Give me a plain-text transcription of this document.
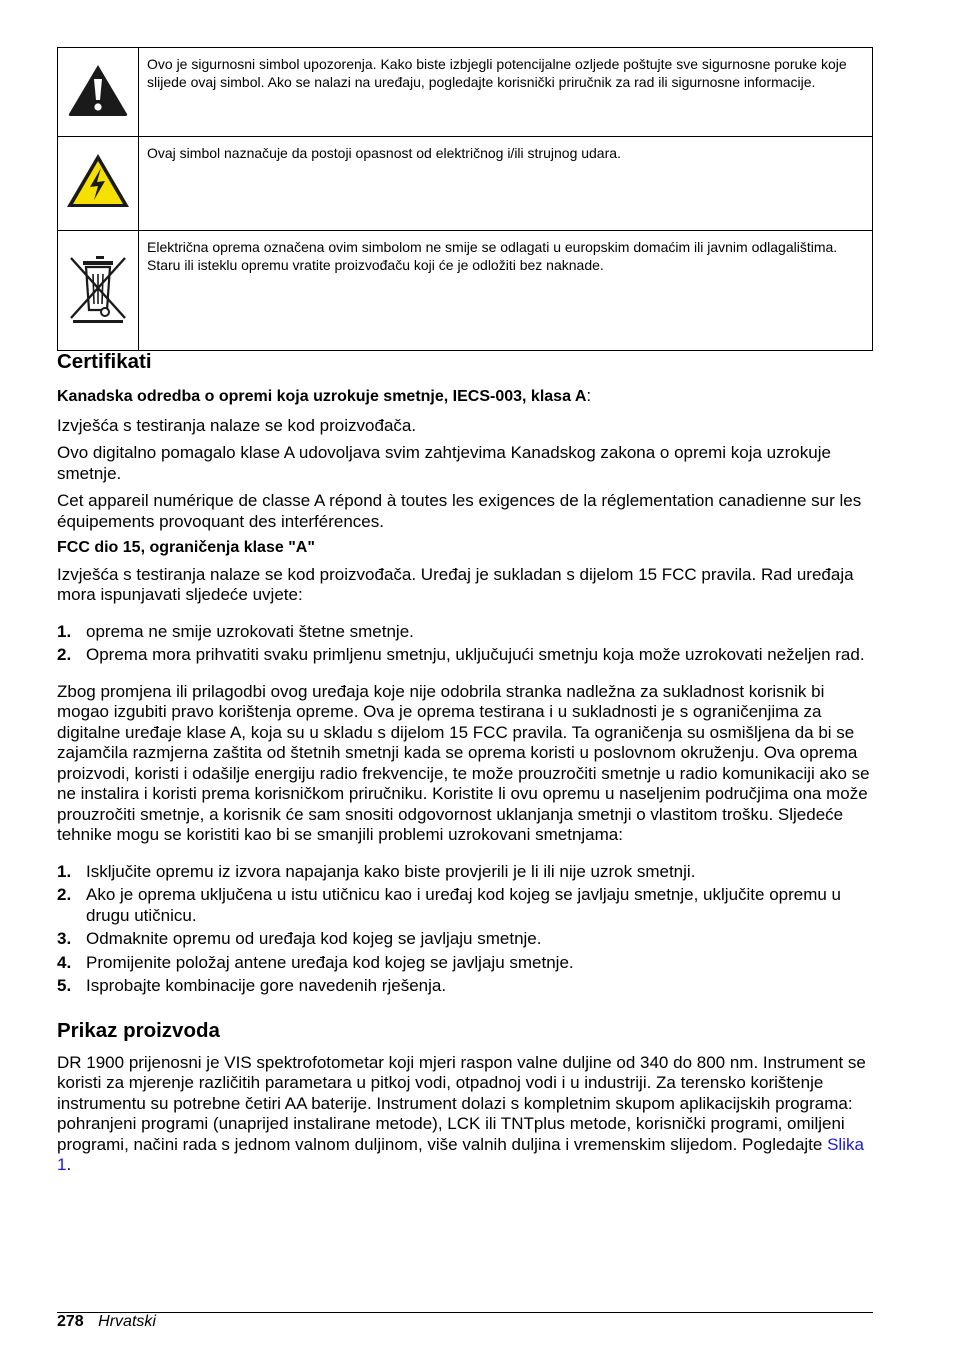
	Ovo je sigurnosni simbol upozorenja. Kako biste izbjegli potencijalne ozljede poštujte sve sigurnosne poruke koje slijede ovaj simbol. Ako se nalazi na uređaju, pogledajte korisnički priručnik za rad ili sigurnosne informacije.
	Ovaj simbol naznačuje da postoji opasnost od električnog i/ili strujnog udara.
	Električna oprema označena ovim simbolom ne smije se odlagati u europskim domaćim ili javnim odlagalištima. Staru ili isteklu opremu vratite proizvođaču koji će je odložiti bez naknade.
Certifikati

Kanadska odredba o opremi koja uzrokuje smetnje, IECS-003, klasa A:

Izvješća s testiranja nalaze se kod proizvođača.

Ovo digitalno pomagalo klase A udovoljava svim zahtjevima Kanadskog zakona o opremi koja uzrokuje smetnje.

Cet appareil numérique de classe A répond à toutes les exigences de la réglementation canadienne sur les équipements provoquant des interférences.

FCC dio 15, ograničenja klase "A"

Izvješća s testiranja nalaze se kod proizvođača. Uređaj je sukladan s dijelom 15 FCC pravila. Rad uređaja mora ispunjavati sljedeće uvjete:

1. oprema ne smije uzrokovati štetne smetnje.
2. Oprema mora prihvatiti svaku primljenu smetnju, uključujući smetnju koja može uzrokovati neželjen rad.

Zbog promjena ili prilagodbi ovog uređaja koje nije odobrila stranka nadležna za sukladnost korisnik bi mogao izgubiti pravo korištenja opreme. Ova je oprema testirana i u sukladnosti je s ograničenjima za digitalne uređaje klase A, koja su u skladu s dijelom 15 FCC pravila. Ta ograničenja su osmišljena da bi se zajamčila razmjerna zaštita od štetnih smetnji kada se oprema koristi u poslovnom okruženju. Ova oprema proizvodi, koristi i odašilje energiju radio frekvencije, te može prouzročiti smetnje u radio komunikaciji ako se ne instalira i koristi prema korisničkom priručniku. Koristite li ovu opremu u naseljenim područjima ona može prouzročiti smetnje, a korisnik će sam snositi odgovornost uklanjanja smetnji o vlastitom trošku. Sljedeće tehnike mogu se koristiti kao bi se smanjili problemi uzrokovani smetnjama:

1. Isključite opremu iz izvora napajanja kako biste provjerili je li ili nije uzrok smetnji.
2. Ako je oprema uključena u istu utičnicu kao i uređaj kod kojeg se javljaju smetnje, uključite opremu u drugu utičnicu.
3. Odmaknite opremu od uređaja kod kojeg se javljaju smetnje.
4. Promijenite položaj antene uređaja kod kojeg se javljaju smetnje.
5. Isprobajte kombinacije gore navedenih rješenja.
Prikaz proizvoda

DR 1900 prijenosni je VIS spektrofotometar koji mjeri raspon valne duljine od 340 do 800 nm. Instrument se koristi za mjerenje različitih parametara u pitkoj vodi, otpadnoj vodi i u industriji. Za terensko korištenje instrumentu su potrebne četiri AA baterije. Instrument dolazi s kompletnim skupom aplikacijskih programa: pohranjeni programi (unaprijed instalirane metode), LCK ili TNTplus metode, korisnički programi, omiljeni programi, načini rada s jednom valnom duljinom, više valnih duljina i vremenskim slijedom. Pogledajte Slika 1.

278 Hrvatski
